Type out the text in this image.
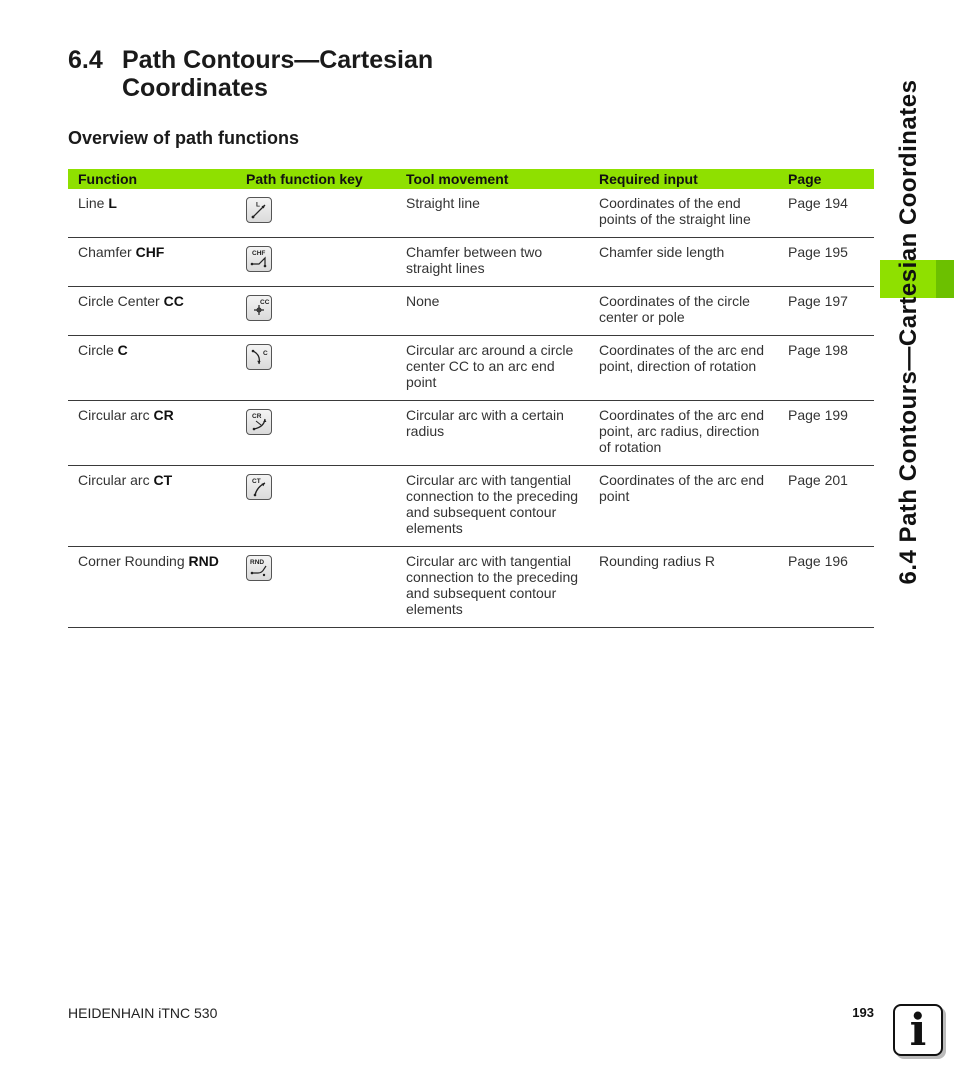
6.4 Path Contours—Cartesian Coordinates
Overview of path functions
Function	Path function key	Tool movement	Required input	Page
Line L	L	Straight line	Coordinates of the end points of the straight line	Page 194
Chamfer CHF	CHF	Chamfer between two straight lines	Chamfer side length	Page 195
Circle Center CC	CC	None	Coordinates of the circle center or pole	Page 197
Circle C	C	Circular arc around a circle center CC to an arc end point	Coordinates of the arc end point, direction of rotation	Page 198
Circular arc CR	CR	Circular arc with a certain radius	Coordinates of the arc end point, arc radius, direction of rotation	Page 199
Circular arc CT	CT	Circular arc with tangential connection to the preceding and subsequent contour elements	Coordinates of the arc end point	Page 201
Corner Rounding RND	RND	Circular arc with tangential connection to the preceding and subsequent contour elements	Rounding radius R	Page 196 6.4 Path Contours—Cartesian Coordinates
HEIDENHAIN iTNC 530	193 i
